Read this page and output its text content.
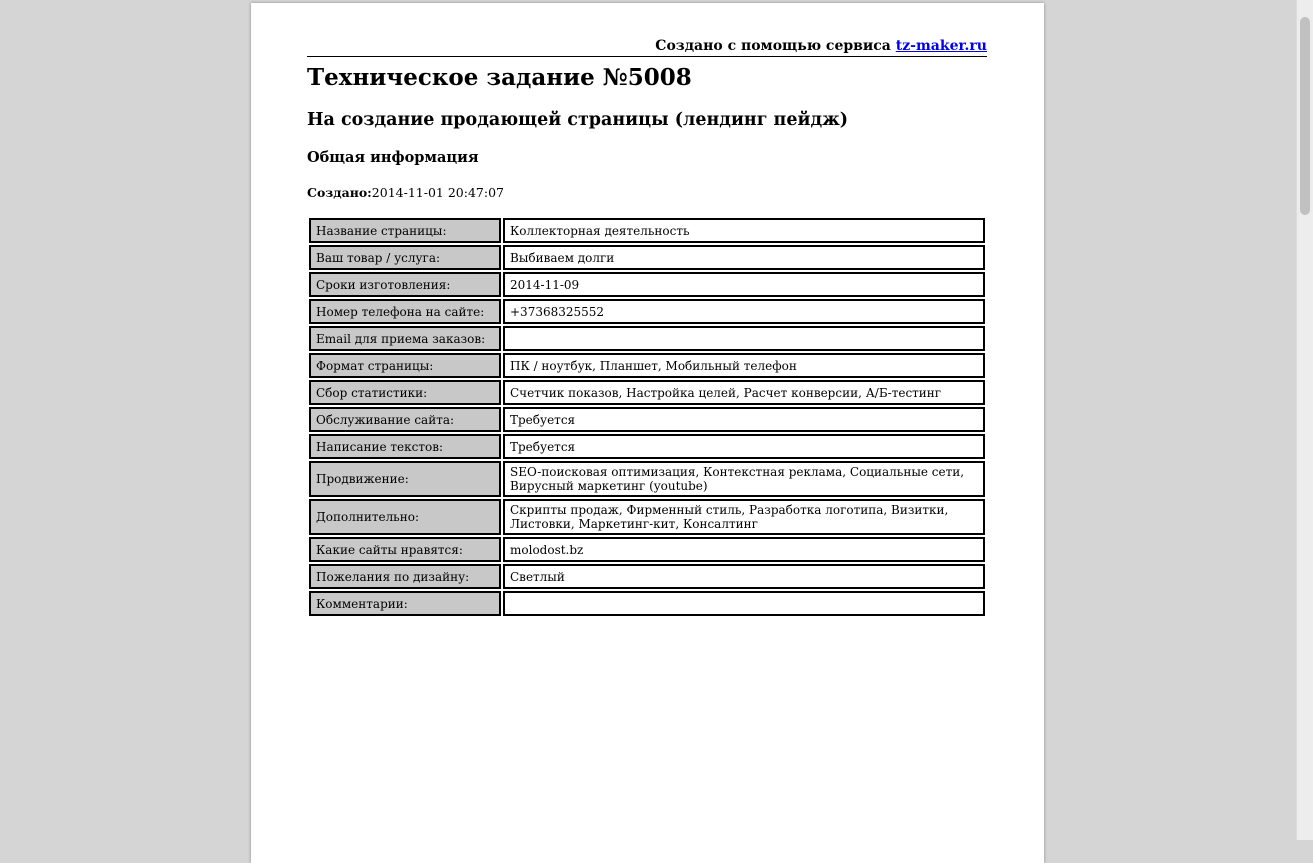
Создано с помощью сервиса tz-maker.ru
Техническое задание №5008
На создание продающей страницы (лендинг пейдж)
Общая информация
Создано:2014-11-01 20:47:07
Название страницы:	Коллекторная деятельность
Ваш товар / услуга:	Выбиваем долги
Сроки изготовления:	2014-11-09
Номер телефона на сайте:	+37368325552
Email для приема заказов:	
Формат страницы:	ПК / ноутбук, Планшет, Мобильный телефон
Сбор статистики:	Счетчик показов, Настройка целей, Расчет конверсии, А/Б-тестинг
Обслуживание сайта:	Требуется
Написание текстов:	Требуется
Продвижение:	SEO-поисковая оптимизация, Контекстная реклама, Социальные сети, Вирусный маркетинг (youtube)
Дополнительно:	Скрипты продаж, Фирменный стиль, Разработка логотипа, Визитки, Листовки, Маркетинг-кит, Консалтинг
Какие сайты нравятся:	molodost.bz
Пожелания по дизайну:	Светлый
Комментарии:	
